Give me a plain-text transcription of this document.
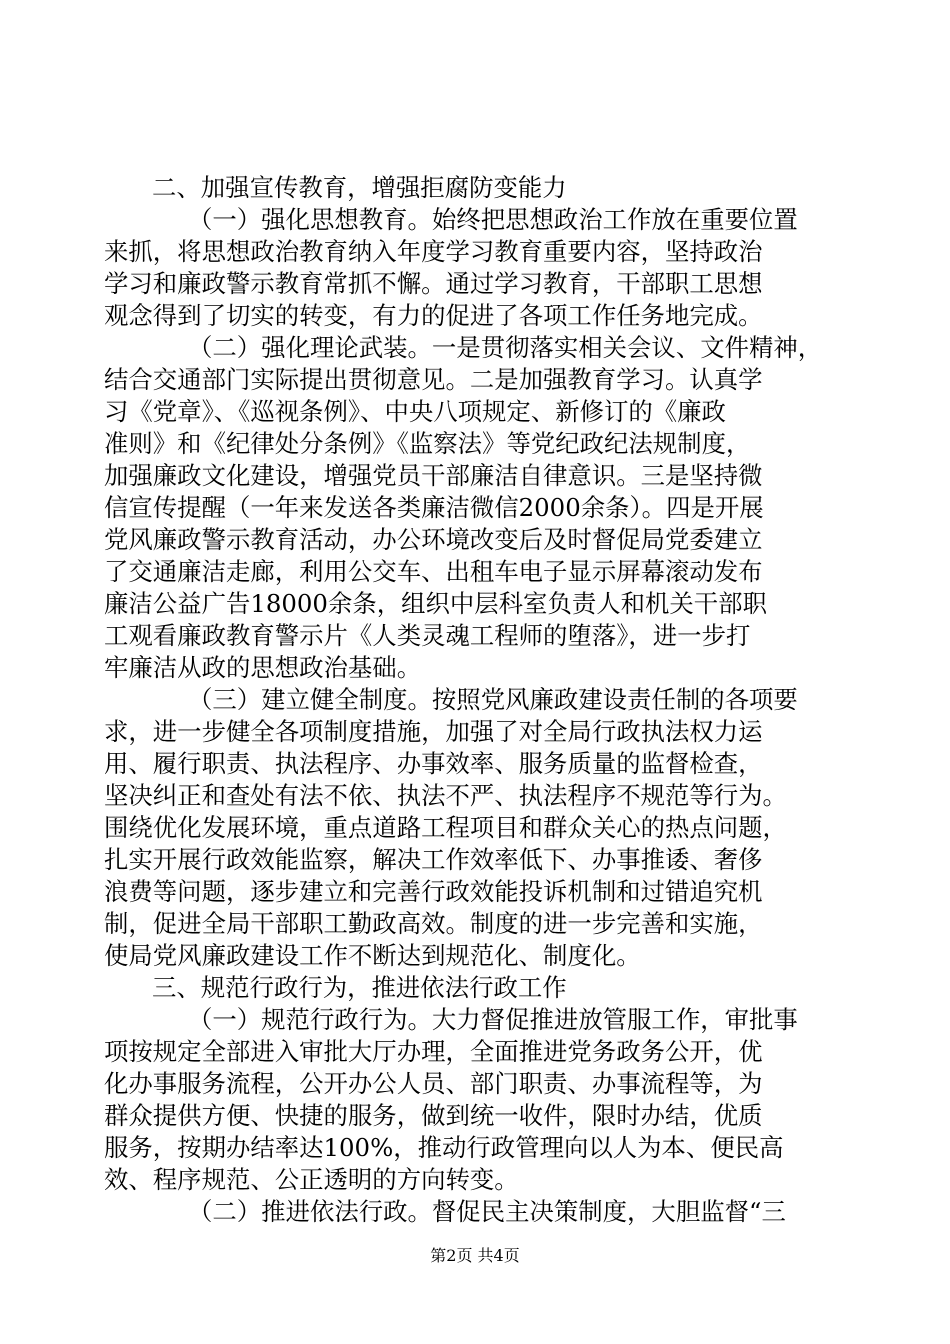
二、加强宣传教育，增强拒腐防变能力
（一）强化思想教育。始终把思想政治工作放在重要位置
来抓，将思想政治教育纳入年度学习教育重要内容，坚持政治
学习和廉政警示教育常抓不懈。通过学习教育，干部职工思想
观念得到了切实的转变，有力的促进了各项工作任务地完成。
（二）强化理论武装。一是贯彻落实相关会议、文件精神，
结合交通部门实际提出贯彻意见。二是加强教育学习。认真学
习《党章》、《巡视条例》、中央八项规定、新修订的《廉政
准则》和《纪律处分条例》《监察法》等党纪政纪法规制度，
加强廉政文化建设，增强党员干部廉洁自律意识。三是坚持微
信宣传提醒（一年来发送各类廉洁微信2000余条）。四是开展
党风廉政警示教育活动，办公环境改变后及时督促局党委建立
了交通廉洁走廊，利用公交车、出租车电子显示屏幕滚动发布
廉洁公益广告18000余条，组织中层科室负责人和机关干部职
工观看廉政教育警示片《人类灵魂工程师的堕落》，进一步打
牢廉洁从政的思想政治基础。
（三）建立健全制度。按照党风廉政建设责任制的各项要
求，进一步健全各项制度措施，加强了对全局行政执法权力运
用、履行职责、执法程序、办事效率、服务质量的监督检查，
坚决纠正和查处有法不依、执法不严、执法程序不规范等行为。
围绕优化发展环境，重点道路工程项目和群众关心的热点问题，
扎实开展行政效能监察，解决工作效率低下、办事推诿、奢侈
浪费等问题，逐步建立和完善行政效能投诉机制和过错追究机
制，促进全局干部职工勤政高效。制度的进一步完善和实施，
使局党风廉政建设工作不断达到规范化、制度化。
三、规范行政行为，推进依法行政工作
（一）规范行政行为。大力督促推进放管服工作，审批事
项按规定全部进入审批大厅办理，全面推进党务政务公开，优
化办事服务流程，公开办公人员、部门职责、办事流程等，为
群众提供方便、快捷的服务，做到统一收件，限时办结，优质
服务，按期办结率达100%，推动行政管理向以人为本、便民高
效、程序规范、公正透明的方向转变。
（二）推进依法行政。督促民主决策制度，大胆监督“三
第2页 共4页
